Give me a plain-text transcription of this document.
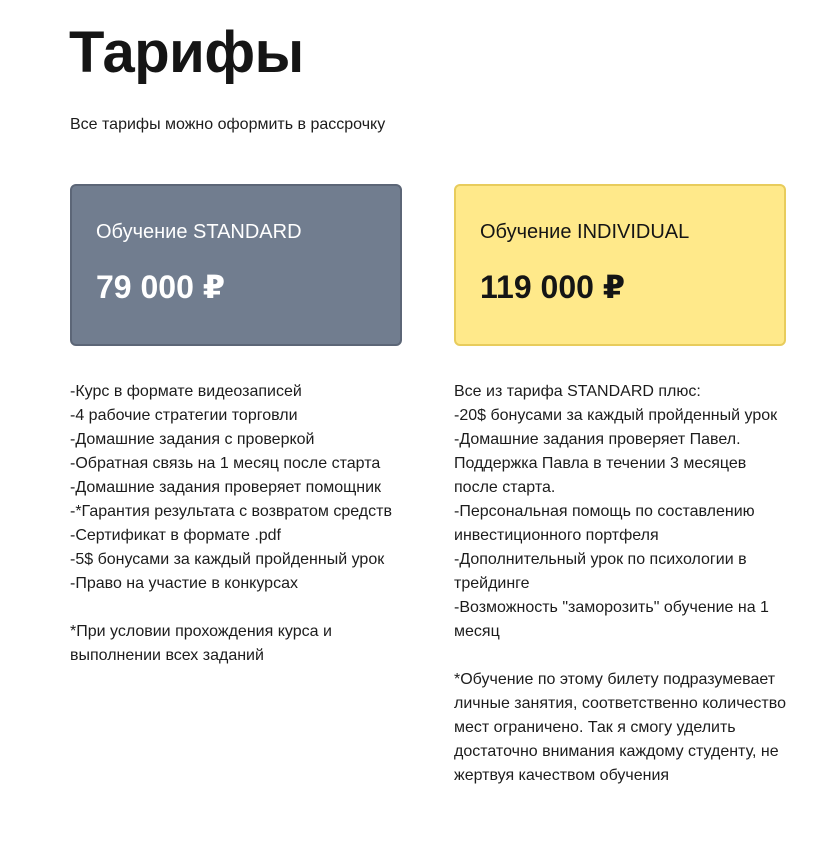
Тарифы

Все тарифы можно оформить в рассрочку

Обучение STANDARD
79 000 ₽
Обучение INDIVIDUAL
119 000 ₽

-Курс в формате видеозаписей

-4 рабочие стратегии торговли

-Домашние задания с проверкой

-Обратная связь на 1 месяц после старта

-Домашние задания проверяет помощник

-*Гарантия результата с возвратом средств

-Сертификат в формате .pdf

-5$ бонусами за каждый пройденный урок

-Право на участие в конкурсах

*При условии прохождения курса и выполнении всех заданий

Все из тарифа STANDARD плюс:

-20$ бонусами за каждый пройденный урок

-Домашние задания проверяет Павел. Поддержка Павла в течении 3 месяцев после старта.

-Персональная помощь по составлению инвестиционного портфеля

-Дополнительный урок по психологии в трейдинге

-Возможность "заморозить" обучение на 1 месяц

*Обучение по этому билету подразумевает личные занятия, соответственно количество мест ограничено. Так я смогу уделить достаточно внимания каждому студенту, не жертвуя качеством обучения
